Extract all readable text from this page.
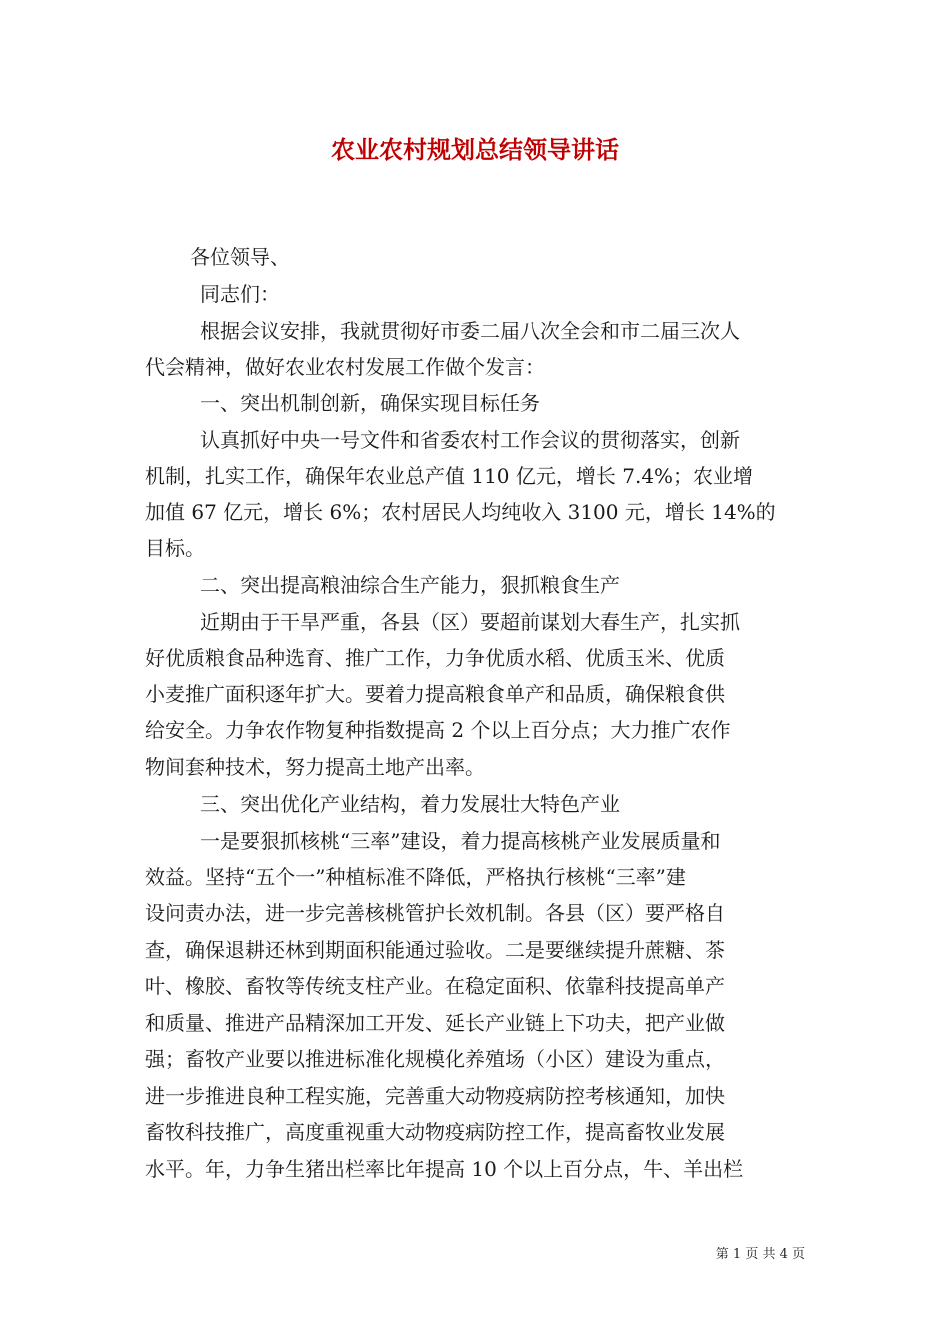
农业农村规划总结领导讲话
各位领导、
同志们：
根据会议安排，我就贯彻好市委二届八次全会和市二届三次人
代会精神，做好农业农村发展工作做个发言：
一、突出机制创新，确保实现目标任务
认真抓好中央一号文件和省委农村工作会议的贯彻落实，创新
机制，扎实工作，确保年农业总产值 110 亿元，增长 7.4%；农业增
加值 67 亿元，增长 6%；农村居民人均纯收入 3100 元，增长 14%的
目标。
二、突出提高粮油综合生产能力，狠抓粮食生产
近期由于干旱严重，各县（区）要超前谋划大春生产，扎实抓
好优质粮食品种选育、推广工作，力争优质水稻、优质玉米、优质
小麦推广面积逐年扩大。要着力提高粮食单产和品质，确保粮食供
给安全。力争农作物复种指数提高 2 个以上百分点；大力推广农作
物间套种技术，努力提高土地产出率。
三、突出优化产业结构，着力发展壮大特色产业
一是要狠抓核桃“三率”建设，着力提高核桃产业发展质量和
效益。坚持“五个一”种植标准不降低，严格执行核桃“三率”建
设问责办法，进一步完善核桃管护长效机制。各县（区）要严格自
查，确保退耕还林到期面积能通过验收。二是要继续提升蔗糖、茶
叶、橡胶、畜牧等传统支柱产业。在稳定面积、依靠科技提高单产
和质量、推进产品精深加工开发、延长产业链上下功夫，把产业做
强；畜牧产业要以推进标准化规模化养殖场（小区）建设为重点，
进一步推进良种工程实施，完善重大动物疫病防控考核通知，加快
畜牧科技推广，高度重视重大动物疫病防控工作，提高畜牧业发展
水平。年，力争生猪出栏率比年提高 10 个以上百分点，牛、羊出栏
第 1 页 共 4 页
